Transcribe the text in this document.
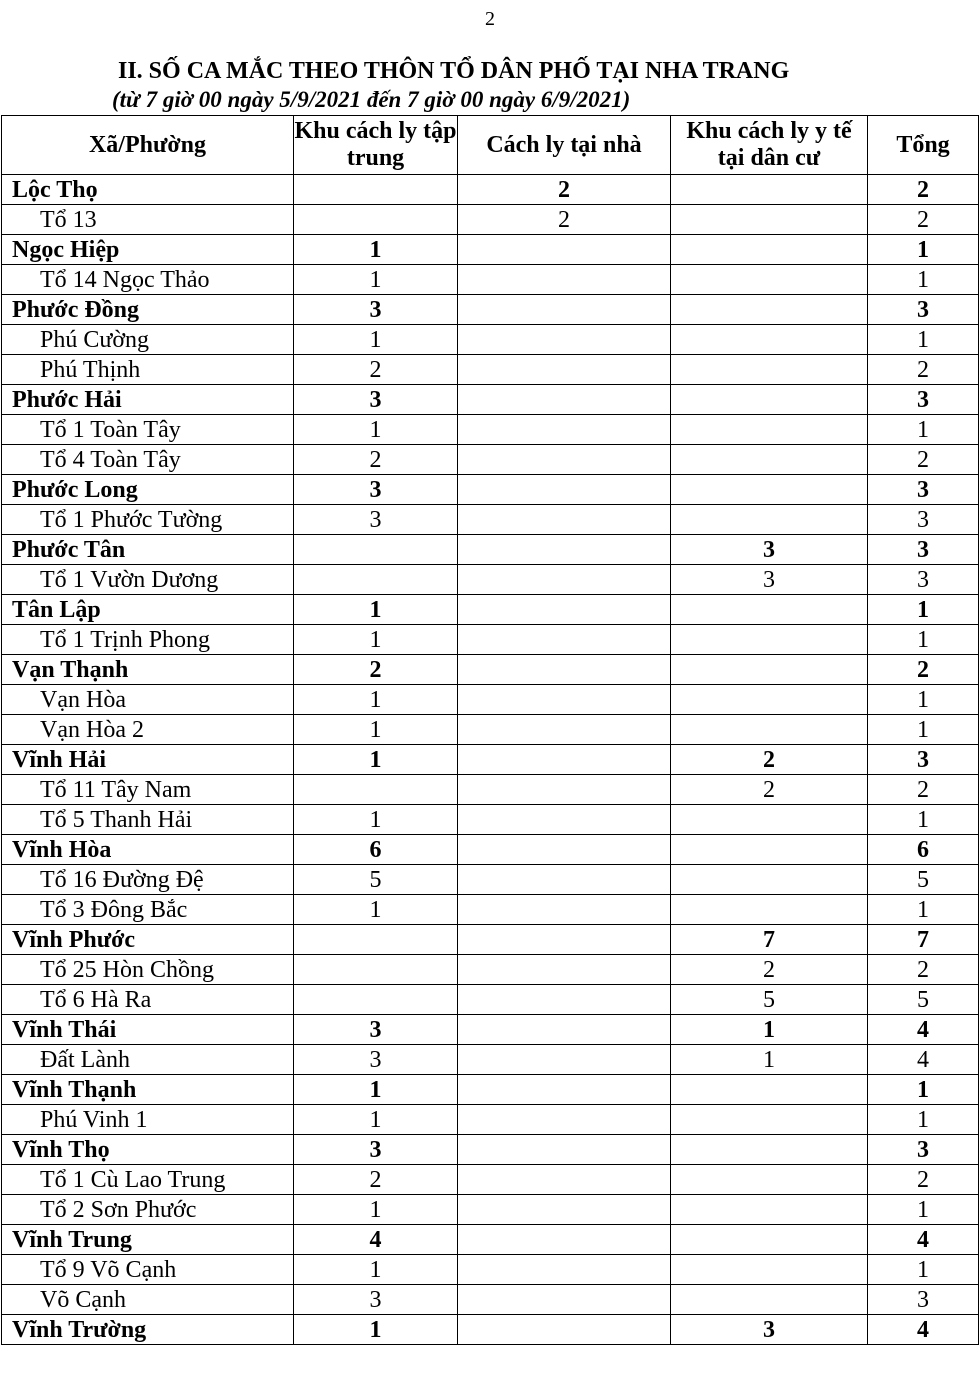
2
II. SỐ CA MẮC THEO THÔN TỔ DÂN PHỐ TẠI NHA TRANG
(từ 7 giờ 00 ngày 5/9/2021 đến 7 giờ 00 ngày 6/9/2021)
Xã/Phường	Khu cách ly tập trung	Cách ly tại nhà	Khu cách ly y tế tại dân cư	Tổng
Lộc Thọ		2		2
Tổ 13		2		2
Ngọc Hiệp	1			1
Tổ 14 Ngọc Thảo	1			1
Phước Đồng	3			3
Phú Cường	1			1
Phú Thịnh	2			2
Phước Hải	3			3
Tổ 1 Toàn Tây	1			1
Tổ 4 Toàn Tây	2			2
Phước Long	3			3
Tổ 1 Phước Tường	3			3
Phước Tân			3	3
Tổ 1 Vườn Dương			3	3
Tân Lập	1			1
Tổ 1 Trịnh Phong	1			1
Vạn Thạnh	2			2
Vạn Hòa	1			1
Vạn Hòa 2	1			1
Vĩnh Hải	1		2	3
Tổ 11 Tây Nam			2	2
Tổ 5 Thanh Hải	1			1
Vĩnh Hòa	6			6
Tổ 16 Đường Đệ	5			5
Tổ 3 Đông Bắc	1			1
Vĩnh Phước			7	7
Tổ 25 Hòn Chồng			2	2
Tổ 6 Hà Ra			5	5
Vĩnh Thái	3		1	4
Đất Lành	3		1	4
Vĩnh Thạnh	1			1
Phú Vinh 1	1			1
Vĩnh Thọ	3			3
Tổ 1 Cù Lao Trung	2			2
Tổ 2 Sơn Phước	1			1
Vĩnh Trung	4			4
Tổ 9 Võ Cạnh	1			1
Võ Cạnh	3			3
Vĩnh Trường	1		3	4
